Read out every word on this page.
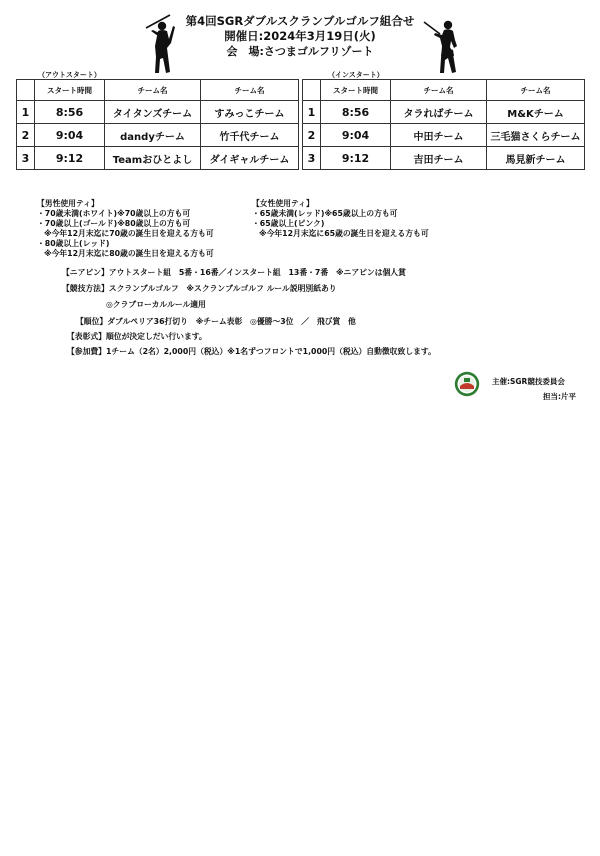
第4回SGRダブルスクランブルゴルフ組合せ
開催日:2024年3月19日(火)
会　場:さつまゴルフリゾート
（アウトスタート）
	スタート時間	チーム名	チーム名
1	8:56	タイタンズチーム	すみっこチーム
2	9:04	dandyチーム	竹千代チーム
3	9:12	Teamおひとよし	ダイギャルチーム
（インスタート）
	スタート時間	チーム名	チーム名
1	8:56	タラればチーム	M&Kチーム
2	9:04	中田チーム	三毛猫さくらチーム
3	9:12	吉田チーム	馬見新チーム
【男性使用ティ】
・70歳未満(ホワイト)※70歳以上の方も可
・70歳以上(ゴールド)※80歳以上の方も可
※今年12月末迄に70歳の誕生日を迎える方も可
・80歳以上(レッド)
※今年12月末迄に80歳の誕生日を迎える方も可
【女性使用ティ】
・65歳未満(レッド)※65歳以上の方も可
・65歳以上(ピンク)
※今年12月末迄に65歳の誕生日を迎える方も可
【ニアピン】アウトスタート組　5番・16番／インスタート組　13番・7番　※ニアピンは個人賞
【競技方法】スクランブルゴルフ　※スクランブルゴルフ ルール説明別紙あり
◎クラブローカルルール適用
【順位】ダブルペリア36打切り　※チーム表彰　◎優勝～3位　／　飛び賞　他
【表彰式】順位が決定しだい行います。
【参加費】1チーム（2名）2,000円（税込）※1名ずつフロントで1,000円（税込）自動徴収致します。
主催:SGR競技委員会
担当:片平
